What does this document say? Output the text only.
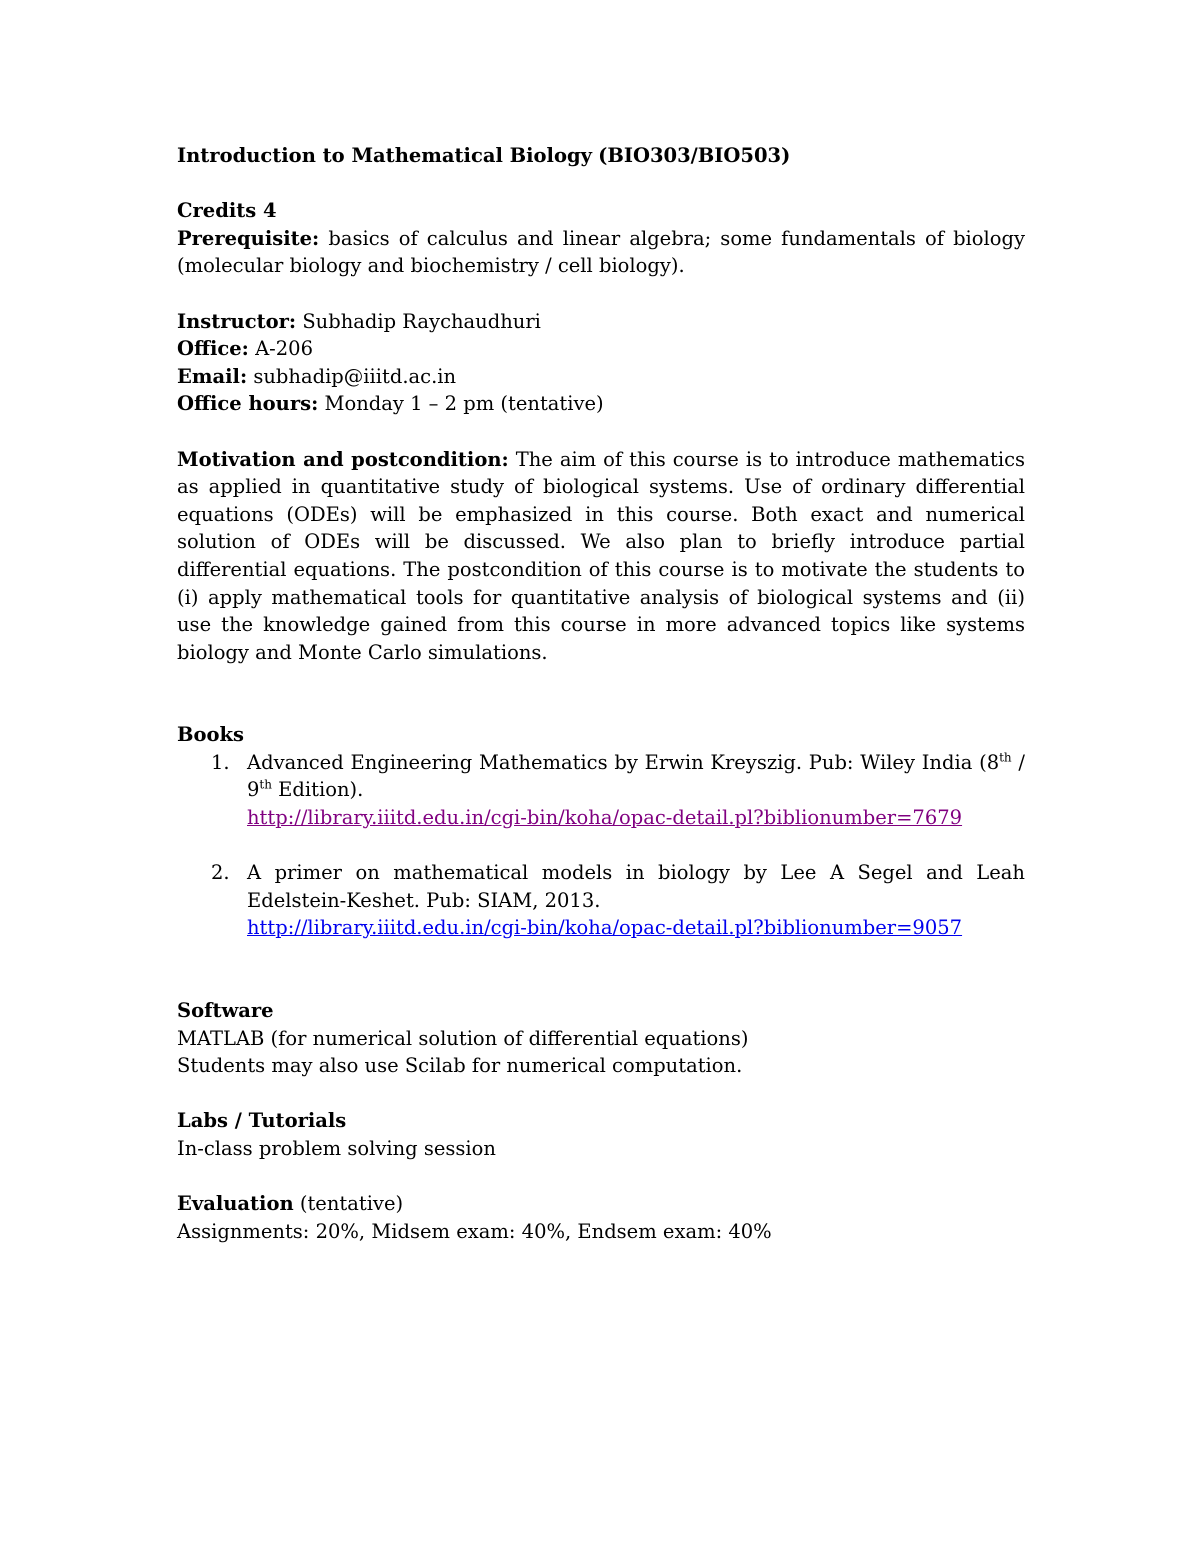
Introduction to Mathematical Biology (BIO303/BIO503)
Credits 4
Prerequisite: basics of calculus and linear algebra; some fundamentals of biology (molecular biology and biochemistry / cell biology).
Instructor: Subhadip Raychaudhuri
Office: A-206
Email: subhadip@iiitd.ac.in
Office hours: Monday 1 – 2 pm (tentative)
Motivation and postcondition: The aim of this course is to introduce mathematics as applied in quantitative study of biological systems. Use of ordinary differential equations (ODEs) will be emphasized in this course. Both exact and numerical solution of ODEs will be discussed. We also plan to briefly introduce partial differential equations. The postcondition of this course is to motivate the students to (i) apply mathematical tools for quantitative analysis of biological systems and (ii) use the knowledge gained from this course in more advanced topics like systems biology and Monte Carlo simulations.
Books
1. Advanced Engineering Mathematics by Erwin Kreyszig. Pub: Wiley India (8th / 9th Edition).
http://library.iiitd.edu.in/cgi-bin/koha/opac-detail.pl?biblionumber=7679
2. A primer on mathematical models in biology by Lee A Segel and Leah Edelstein-Keshet. Pub: SIAM, 2013.
http://library.iiitd.edu.in/cgi-bin/koha/opac-detail.pl?biblionumber=9057
Software
MATLAB (for numerical solution of differential equations)
Students may also use Scilab for numerical computation.
Labs / Tutorials
In-class problem solving session
Evaluation (tentative)
Assignments: 20%, Midsem exam: 40%, Endsem exam: 40%
